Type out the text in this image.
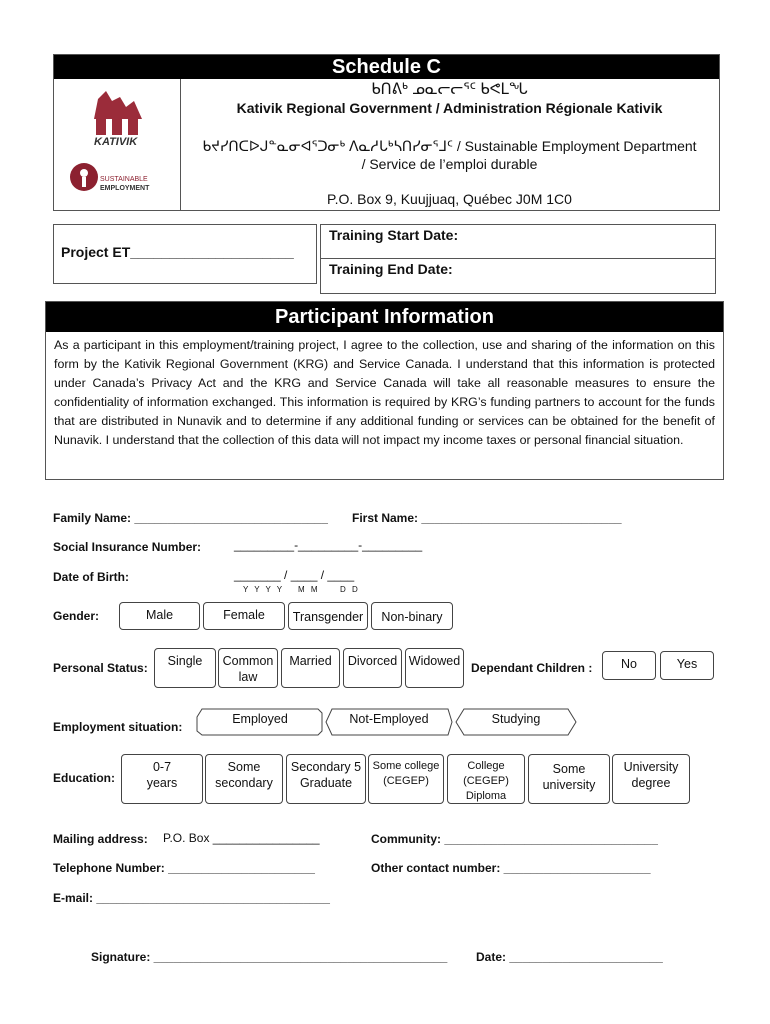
Schedule C
KATIVIK
SUSTAINABLE
EMPLOYMENT
ᑲᑎᕕᒃ ᓄᓇᓕᓕᕐᑦ ᑲᕙᒪᖓ
Kativik Regional Government / Administration Régionale Kativik
ᑲᔪᓯᑎᑕᐅᒍᓐᓇᓂᐊᕐᑐᓂᒃ ᐱᓇᓱᒐᒃᓴᑎᓯᓂᕐᒧᑦ / Sustainable Employment Department
/ Service de l’emploi durable
P.O. Box 9, Kuujjuaq, Québec J0M 1C0
Project ET_____________________
Training Start Date:
Training End Date:
Participant Information
As a participant in this employment/training project, I agree to the collection, use and sharing of the information on this form by the Kativik Regional Government (KRG) and Service Canada. I understand that this information is protected under Canada’s Privacy Act and the KRG and Service Canada will take all reasonable measures to ensure the confidentiality of information exchanged. This information is required by KRG’s funding partners to account for the funds that are distributed in Nunavik and to determine if any additional funding or services can be obtained for the benefit of Nunavik. I understand that the collection of this data will not impact my income taxes or personal financial situation.
Family Name: _____________________________ First Name: ______________________________
Social Insurance Number:	_________-_________-_________
Date of Birth:	_______ / ____ / ____
Y Y Y Y M M	D D
Gender:	Male	Female	Transgender	Non-binary
Personal Status:	Single	Common law
Married	Divorced Widowed Dependant Children :	No	Yes
Employment situation:
Employed	Not-Employed	Studying
Education:
0-7 years
Some secondary
Secondary 5 Graduate
Some college (CEGEP)
College (CEGEP) Diploma
Some university
University degree
Mailing address: P.O. Box ________________	Community: ________________________________
Telephone Number: ______________________	Other contact number: ______________________
E-mail: ___________________________________
Signature: ____________________________________________ Date: _______________________
